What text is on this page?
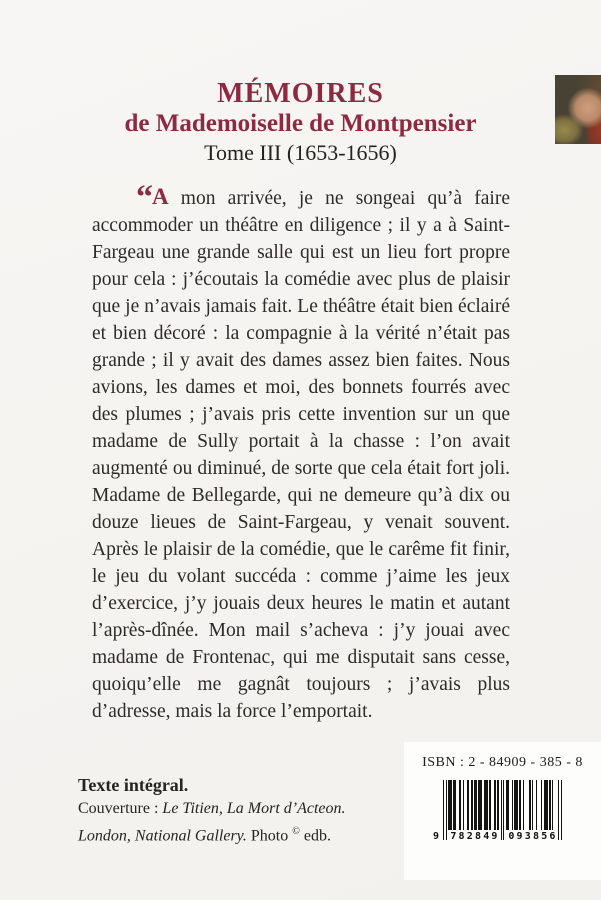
MÉMOIRES
de Mademoiselle de Montpensier
Tome III (1653-1656)

“A mon arrivée, je ne songeai qu’à faire accommoder un théâtre en diligence ; il y a à Saint-Fargeau une grande salle qui est un lieu fort propre pour cela : j’écoutais la comédie avec plus de plaisir que je n’avais jamais fait. Le théâtre était bien éclairé et bien décoré : la compagnie à la vérité n’était pas grande ; il y avait des dames assez bien faites. Nous avions, les dames et moi, des bonnets fourrés avec des plumes ; j’avais pris cette invention sur un que madame de Sully portait à la chasse : l’on avait augmenté ou diminué, de sorte que cela était fort joli. Madame de Bellegarde, qui ne demeure qu’à dix ou douze lieues de Saint-Fargeau, y venait souvent. Après le plaisir de la comédie, que le carême fit finir, le jeu du volant succéda : comme j’aime les jeux d’exercice, j’y jouais deux heures le matin et autant l’après-dînée. Mon mail s’acheva : j’y jouai avec madame de Frontenac, qui me disputait sans cesse, quoiqu’elle me gagnât toujours ; j’avais plus d’adresse, mais la force l’emportait.

Texte intégral.
Couverture : Le Titien, La Mort d’Acteon.
London, National Gallery. Photo © edb.
ISBN : 2 - 84909 - 385 - 8
9 782849 093856
